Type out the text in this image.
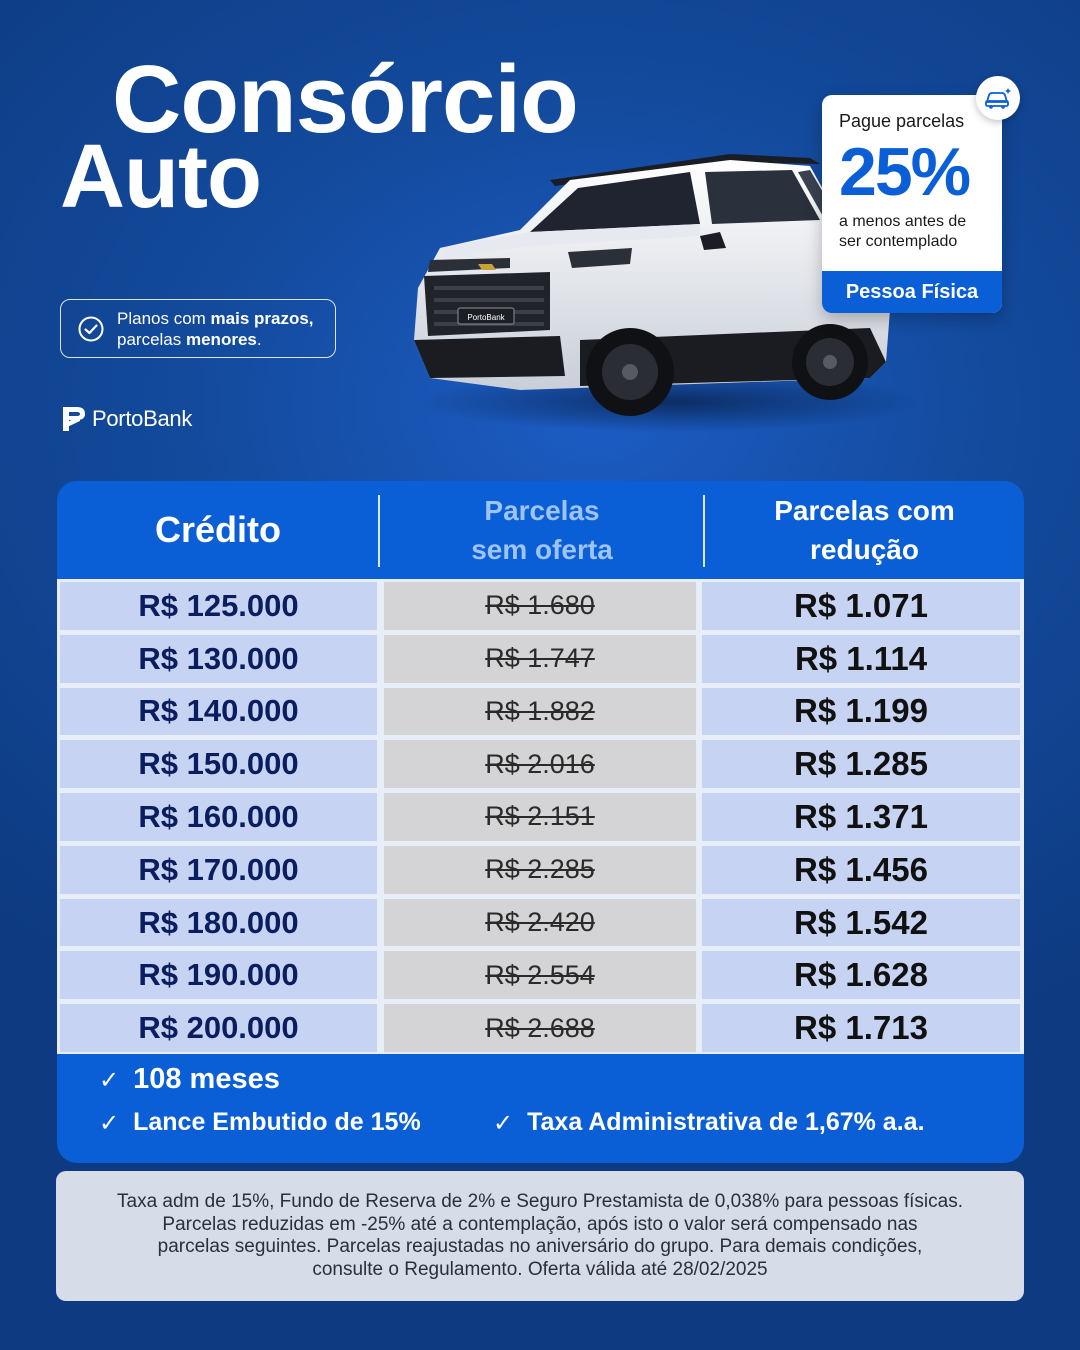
Consórcio
Auto
PortoBank
Pague parcelas
25%
a menos antes de
ser contemplado
Pessoa Física
Planos com mais prazos,
parcelas menores.
PortoBank
Crédito	Parcelas
sem oferta
Parcelas com
redução
R$ 125.000	R$ 1.680	R$ 1.071
R$ 130.000	R$ 1.747	R$ 1.114
R$ 140.000	R$ 1.882	R$ 1.199
R$ 150.000	R$ 2.016	R$ 1.285
R$ 160.000	R$ 2.151	R$ 1.371
R$ 170.000	R$ 2.285	R$ 1.456
R$ 180.000	R$ 2.420	R$ 1.542
R$ 190.000	R$ 2.554	R$ 1.628
R$ 200.000	R$ 2.688	R$ 1.713
✓ 108 meses
✓ Lance Embutido de 15%	✓ Taxa Administrativa de 1,67% a.a.
Taxa adm de 15%, Fundo de Reserva de 2% e Seguro Prestamista de 0,038% para pessoas físicas.
Parcelas reduzidas em -25% até a contemplação, após isto o valor será compensado nas
parcelas seguintes. Parcelas reajustadas no aniversário do grupo. Para demais condições,
consulte o Regulamento. Oferta válida até 28/02/2025
